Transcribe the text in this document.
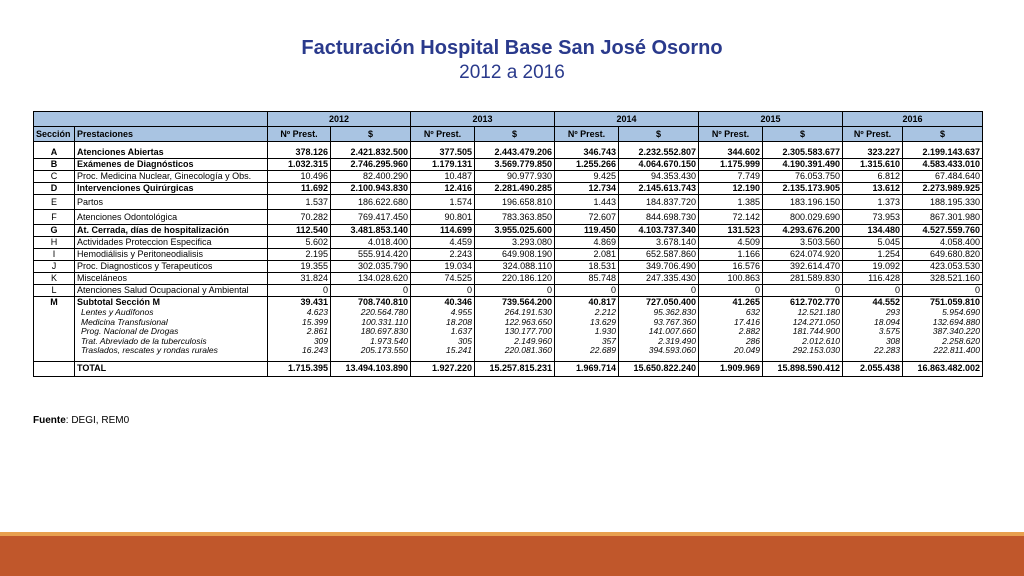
Facturación Hospital Base San José Osorno
2012 a 2016
		2012		2013		2014		2015		2016	
Sección	Prestaciones	Nº Prest.	$	Nº Prest.	$	Nº Prest.	$	Nº Prest.	$	Nº Prest.	$

A	Atenciones Abiertas	378.126	2.421.832.500	377.505	2.443.479.206	346.743	2.232.552.807	344.602	2.305.583.677	323.227	2.199.143.637
B	Exámenes de Diagnósticos	1.032.315	2.746.295.960	1.179.131	3.569.779.850	1.255.266	4.064.670.150	1.175.999	4.190.391.490	1.315.610	4.583.433.010
C	Proc. Medicina Nuclear, Ginecología y Obs.	10.496	82.400.290	10.487	90.977.930	9.425	94.353.430	7.749	76.053.750	6.812	67.484.640
D	Intervenciones Quirúrgicas	11.692	2.100.943.830	12.416	2.281.490.285	12.734	2.145.613.743	12.190	2.135.173.905	13.612	2.273.989.925
E	Partos	1.537	186.622.680	1.574	196.658.810	1.443	184.837.720	1.385	183.196.150	1.373	188.195.330
F	Atenciones Odontológica	70.282	769.417.450	90.801	783.363.850	72.607	844.698.730	72.142	800.029.690	73.953	867.301.980
G	At. Cerrada, días de hospitalización	112.540	3.481.853.140	114.699	3.955.025.600	119.450	4.103.737.340	131.523	4.293.676.200	134.480	4.527.559.760
H	Actividades Proteccion Especifica	5.602	4.018.400	4.459	3.293.080	4.869	3.678.140	4.509	3.503.560	5.045	4.058.400
I	Hemodiálisis y Peritoneodialisis	2.195	555.914.420	2.243	649.908.190	2.081	652.587.860	1.166	624.074.920	1.254	649.680.820
J	Proc. Diagnosticos y Terapeuticos	19.355	302.035.790	19.034	324.088.110	18.531	349.706.490	16.576	392.614.470	19.092	423.053.530
K	Misceláneos	31.824	134.028.620	74.525	220.186.120	85.748	247.335.430	100.863	281.589.830	116.428	328.521.160
L	Atenciones Salud Ocupacional y Ambiental	0	0	0	0	0	0	0	0	0	0
M	Subtotal Sección M	39.431	708.740.810	40.346	739.564.200	40.817	727.050.400	41.265	612.702.770	44.552	751.059.810
	Lentes y Audífonos	4.623	220.564.780	4.955	264.191.530	2.212	95.362.830	632	12.521.180	293	5.954.690
	Medicina Transfusional	15.399	100.331.110	18.208	122.963.650	13.629	93.767.360	17.416	124.271.050	18.094	132.694.880
	Prog. Nacional de Drogas	2.861	180.697.830	1.637	130.177.700	1.930	141.007.660	2.882	181.744.900	3.575	387.340.220
	Trat. Abreviado de la tuberculosis	309	1.973.540	305	2.149.960	357	2.319.490	286	2.012.610	308	2.258.620
	Traslados, rescates y rondas rurales	16.243	205.173.550	15.241	220.081.360	22.689	394.593.060	20.049	292.153.030	22.283	222.811.400

	TOTAL	1.715.395	13.494.103.890	1.927.220	15.257.815.231	1.969.714	15.650.822.240	1.909.969	15.898.590.412	2.055.438	16.863.482.002
Fuente: DEGI, REM0
